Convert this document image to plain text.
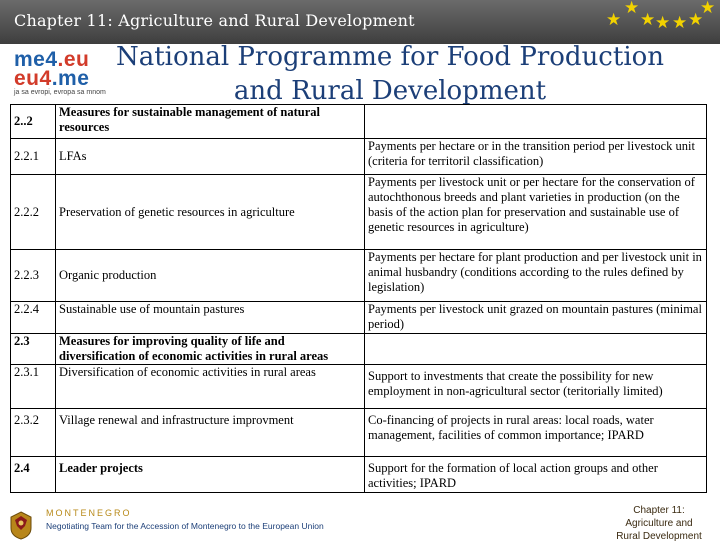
Chapter 11: Agriculture and Rural Development
★	★
★ ★ ★ ★ ★
me4.eu
eu4.me
ja sa evropi, evropa sa mnom
National Programme for Food Production
and Rural Development
2..2	Measures for sustainable management of natural resources	
2.2.1	LFAs	Payments per hectare or in the transition period per livestock unit (criteria for territoril classification)
2.2.2	Preservation of genetic resources in agriculture	Payments per livestock unit or per hectare for the conservation of autochthonous breeds and plant varieties in production (on the basis of the action plan for preservation and sustainable use of genetic resources in agriculture)
2.2.3	Organic production	Payments per hectare for plant production and per livestock unit in animal husbandry (conditions according to the rules defined by legislation)
2.2.4	Sustainable use of mountain pastures	Payments per livestock unit grazed on mountain pastures (minimal period)
2.3	Measures for improving quality of life and diversification of economic activities in rural areas	
2.3.1	Diversification of economic activities in rural areas	Support to investments that create the possibility for new employment in non-agricultural sector (teritorially limited)
2.3.2	Village renewal and infrastructure improvment	Co-financing of projects in rural areas: local roads, water management, facilities of common importance; IPARD
2.4	Leader projects	Support for the formation of local action groups and other activities; IPARD
MONTENEGRO
Negotiating Team for the Accession of Montenegro to the European Union
Chapter 11:
Agriculture and
Rural Development
